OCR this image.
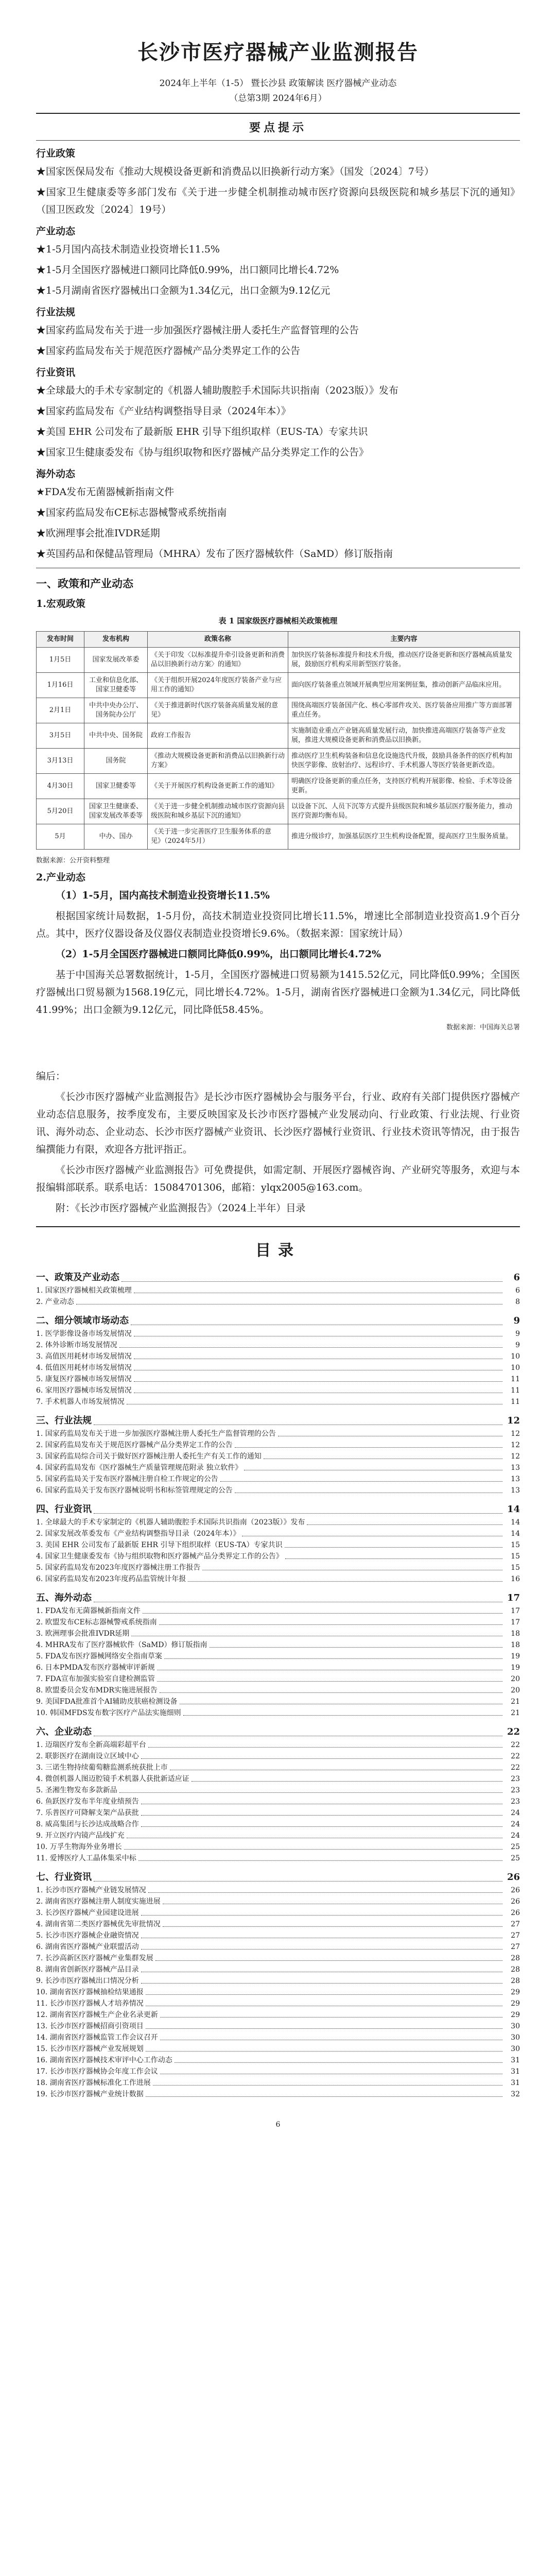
长沙市医疗器械产业监测报告
2024年上半年（1-5） 暨长沙县 政策解读 医疗器械产业动态
（总第3期 2024年6月）
要点提示
行业政策
★国家医保局发布《推动大规模设备更新和消费品以旧换新行动方案》（国发〔2024〕7号）
★国家卫生健康委等多部门发布《关于进一步健全机制推动城市医疗资源向县级医院和城乡基层下沉的通知》（国卫医政发〔2024〕19号）
产业动态
★1-5月国内高技术制造业投资增长11.5%
★1-5月全国医疗器械进口额同比降低0.99%，出口额同比增长4.72%
★1-5月湖南省医疗器械出口金额为1.34亿元，出口金额为9.12亿元
行业法规
★国家药监局发布关于进一步加强医疗器械注册人委托生产监督管理的公告
★国家药监局发布关于规范医疗器械产品分类界定工作的公告
行业资讯
★全球最大的手术专家制定的《机器人辅助腹腔手术国际共识指南（2023版）》发布
★国家药监局发布《产业结构调整指导目录（2024年本）》
★美国 EHR 公司发布了最新版 EHR 引导下组织取样（EUS-TA）专家共识
★国家卫生健康委发布《协与组织取物和医疗器械产品分类界定工作的公告》
海外动态
★FDA发布无菌器械新指南文件
★国家药监局发布CE标志器械警戒系统指南
★欧洲理事会批准IVDR延期
★英国药品和保健品管理局（MHRA）发布了医疗器械软件（SaMD）修订版指南
一、政策和产业动态
1.宏观政策
表 1 国家级医疗器械相关政策梳理
发布时间	发布机构	政策名称	主要内容
1月5日	国家发展改革委	《关于印发〈以标准提升牵引设备更新和消费品以旧换新行动方案〉的通知》	加快医疗装备标准提升和技术升级，推动医疗设备更新和医疗器械高质量发展，鼓励医疗机构采用新型医疗装备。
1月16日	工业和信息化部、国家卫健委等	《关于组织开展2024年度医疗装备产业与应用工作的通知》	面向医疗装备重点领域开展典型应用案例征集，推动创新产品临床应用。
2月1日	中共中央办公厅、国务院办公厅	《关于推进新时代医疗装备高质量发展的意见》	围绕高端医疗装备国产化、核心零部件攻关、医疗装备应用推广等方面部署重点任务。
3月5日	中共中央、国务院	政府工作报告	实施制造业重点产业链高质量发展行动，加快推进高端医疗装备等产业发展，推进大规模设备更新和消费品以旧换新。
3月13日	国务院	《推动大规模设备更新和消费品以旧换新行动方案》	推动医疗卫生机构装备和信息化设施迭代升级，鼓励具备条件的医疗机构加快医学影像、放射治疗、远程诊疗、手术机器人等医疗装备更新改造。
4月30日	国家卫健委等	《关于开展医疗机构设备更新工作的通知》	明确医疗设备更新的重点任务，支持医疗机构开展影像、检验、手术等设备更新。
5月20日	国家卫生健康委、国家发展改革委等	《关于进一步健全机制推动城市医疗资源向县级医院和城乡基层下沉的通知》	以设备下沉、人员下沉等方式提升县级医院和城乡基层医疗服务能力，推动医疗资源均衡布局。
5月	中办、国办	《关于进一步完善医疗卫生服务体系的意见》（2024年5月）	推进分级诊疗，加强基层医疗卫生机构设备配置，提高医疗卫生服务质量。
数据来源：公开资料整理
2.产业动态
（1）1-5月，国内高技术制造业投资增长11.5%
根据国家统计局数据，1-5月份，高技术制造业投资同比增长11.5%，增速比全部制造业投资高1.9个百分点。其中，医疗仪器设备及仪器仪表制造业投资增长9.6%。（数据来源：国家统计局）
（2）1-5月全国医疗器械进口额同比降低0.99%，出口额同比增长4.72%
基于中国海关总署数据统计，1-5月，全国医疗器械进口贸易额为1415.52亿元，同比降低0.99%；全国医疗器械出口贸易额为1568.19亿元，同比增长4.72%。1-5月，湖南省医疗器械进口金额为1.34亿元，同比降低41.99%；出口金额为9.12亿元，同比降低58.45%。
数据来源：中国海关总署
编后：
《长沙市医疗器械产业监测报告》是长沙市医疗器械协会与服务平台，行业、政府有关部门提供医疗器械产业动态信息服务，按季度发布，主要反映国家及长沙市医疗器械产业发展动向、行业政策、行业法规、行业资讯、海外动态、企业动态、长沙市医疗器械产业资讯、长沙医疗器械行业资讯、行业技术资讯等情况，由于报告编撰能力有限，欢迎各方批评指正。
《长沙市医疗器械产业监测报告》可免费提供，如需定制、开展医疗器械咨询、产业研究等服务，欢迎与本报编辑部联系。联系电话：15084701306，邮箱：ylqx2005@163.com。
附：《长沙市医疗器械产业监测报告》（2024上半年）目录
目录
一、政策及产业动态	6
1. 国家医疗器械相关政策梳理	6
2. 产业动态	8
二、细分领域市场动态	9
1. 医学影像设备市场发展情况	9
2. 体外诊断市场发展情况	9
3. 高值医用耗材市场发展情况	10
4. 低值医用耗材市场发展情况	10
5. 康复医疗器械市场发展情况	11
6. 家用医疗器械市场发展情况	11
7. 手术机器人市场发展情况	11
三、行业法规	12
1. 国家药监局发布关于进一步加强医疗器械注册人委托生产监督管理的公告	12
2. 国家药监局发布关于规范医疗器械产品分类界定工作的公告	12
3. 国家药监局综合司关于做好医疗器械注册人委托生产有关工作的通知	12
4. 国家药监局发布《医疗器械生产质量管理规范附录 独立软件》	13
5. 国家药监局关于发布医疗器械注册自检工作规定的公告	13
6. 国家药监局关于发布医疗器械说明书和标签管理规定的公告	13
四、行业资讯	14
1. 全球最大的手术专家制定的《机器人辅助腹腔手术国际共识指南（2023版）》发布	14
2. 国家发展改革委发布《产业结构调整指导目录（2024年本）》	14
3. 美国 EHR 公司发布了最新版 EHR 引导下组织取样（EUS-TA）专家共识	15
4. 国家卫生健康委发布《协与组织取物和医疗器械产品分类界定工作的公告》	15
5. 国家药监局发布2023年度医疗器械注册工作报告	15
6. 国家药监局发布2023年度药品监管统计年报	16
五、海外动态	17
1. FDA发布无菌器械新指南文件	17
2. 欧盟发布CE标志器械警戒系统指南	17
3. 欧洲理事会批准IVDR延期	18
4. MHRA发布了医疗器械软件（SaMD）修订版指南	18
5. FDA发布医疗器械网络安全指南草案	19
6. 日本PMDA发布医疗器械审评新规	19
7. FDA宣布加强实验室自建检测监管	20
8. 欧盟委员会发布MDR实施进展报告	20
9. 美国FDA批准首个AI辅助皮肤癌检测设备	21
10. 韩国MFDS发布数字医疗产品法实施细则	21
六、企业动态	22
1. 迈瑞医疗发布全新高端彩超平台	22
2. 联影医疗在湖南设立区域中心	22
3. 三诺生物持续葡萄糖监测系统获批上市	22
4. 微创机器人图迈腔镜手术机器人获批新适应证	23
5. 圣湘生物发布多款新品	23
6. 鱼跃医疗发布半年度业绩预告	23
7. 乐普医疗可降解支架产品获批	24
8. 威高集团与长沙达成战略合作	24
9. 开立医疗内镜产品线扩充	24
10. 万孚生物海外业务增长	25
11. 爱博医疗人工晶体集采中标	25
七、行业资讯	26
1. 长沙市医疗器械产业链发展情况	26
2. 湖南省医疗器械注册人制度实施进展	26
3. 长沙医疗器械产业园建设进展	26
4. 湖南省第二类医疗器械优先审批情况	27
5. 长沙市医疗器械企业融资情况	27
6. 湖南省医疗器械产业联盟活动	27
7. 长沙高新区医疗器械产业集群发展	28
8. 湖南省创新医疗器械产品目录	28
9. 长沙市医疗器械出口情况分析	28
10. 湖南省医疗器械抽检结果通报	29
11. 长沙市医疗器械人才培养情况	29
12. 湖南省医疗器械生产企业名录更新	29
13. 长沙市医疗器械招商引资项目	30
14. 湖南省医疗器械监管工作会议召开	30
15. 长沙市医疗器械产业发展规划	30
16. 湖南省医疗器械技术审评中心工作动态	31
17. 长沙市医疗器械协会年度工作会议	31
18. 湖南省医疗器械标准化工作进展	31
19. 长沙市医疗器械产业统计数据	32
6
